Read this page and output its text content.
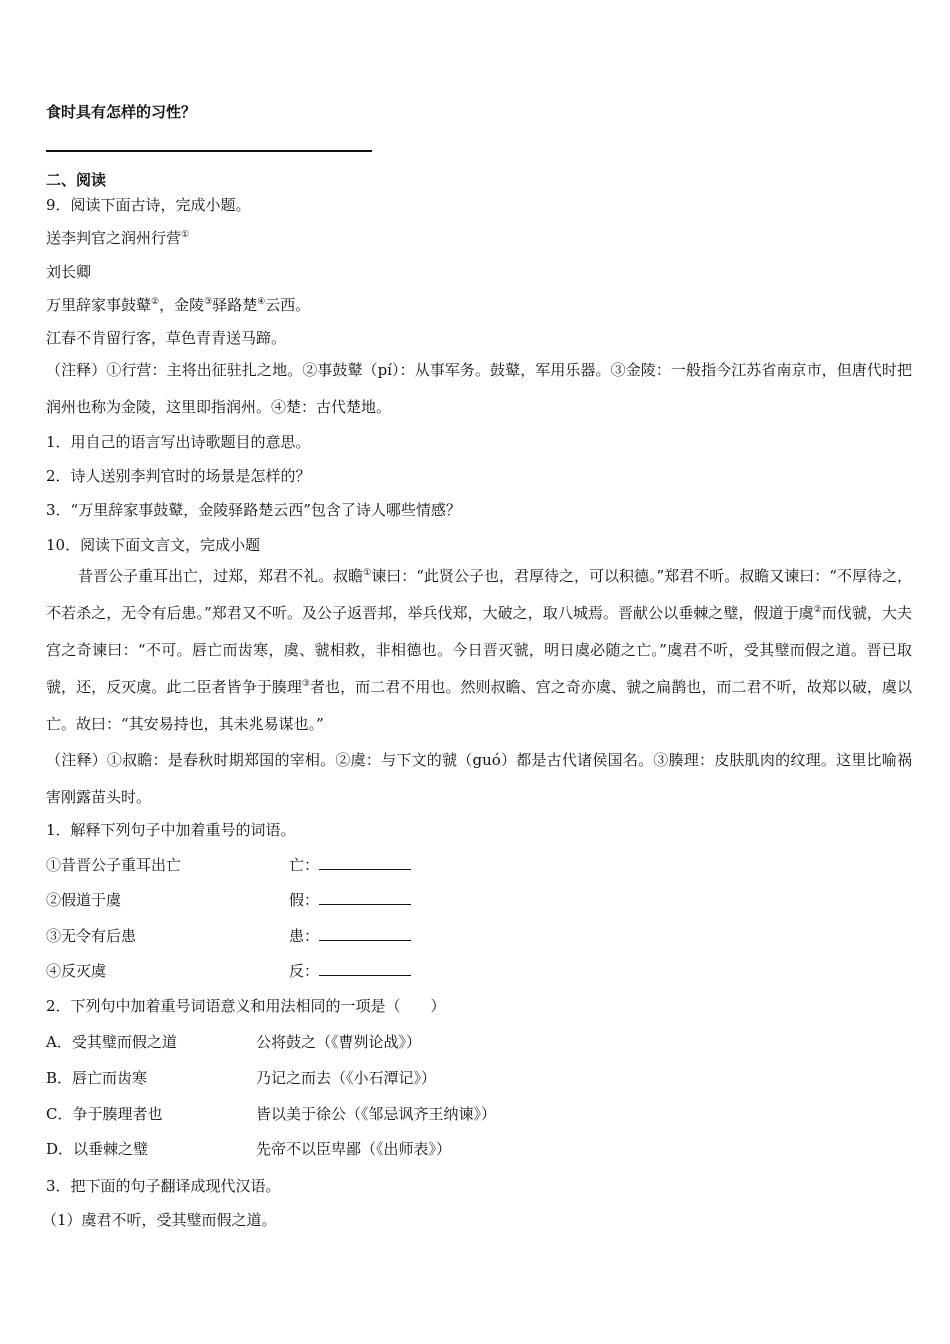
食时具有怎样的习性？
二、阅读
9．阅读下面古诗，完成小题。
送李判官之润州行营①
刘长卿
万里辞家事鼓鼙②，金陵③驿路楚④云西。
江春不肯留行客，草色青青送马蹄。
（注释）①行营：主将出征驻扎之地。②事鼓鼙（pí）：从事军务。鼓鼙，军用乐器。③金陵：一般指今江苏省南京市，但唐代时把润州也称为金陵，这里即指润州。④楚：古代楚地。
1．用自己的语言写出诗歌题目的意思。
2．诗人送别李判官时的场景是怎样的？
3．“万里辞家事鼓鼙，金陵驿路楚云西”包含了诗人哪些情感？
10．阅读下面文言文，完成小题
昔晋公子重耳出亡，过郑，郑君不礼。叔瞻①谏曰：“此贤公子也，君厚待之，可以积德。”郑君不听。叔瞻又谏曰：“不厚待之，不若杀之，无令有后患。”郑君又不听。及公子返晋邦，举兵伐郑，大破之，取八城焉。晋献公以垂棘之璧，假道于虞②而伐虢，大夫宫之奇谏曰：“不可。唇亡而齿寒，虞、虢相救，非相德也。今日晋灭虢，明日虞必随之亡。”虞君不听，受其璧而假之道。晋已取虢，还，反灭虞。此二臣者皆争于腠理③者也，而二君不用也。然则叔瞻、宫之奇亦虞、虢之扁鹊也，而二君不听，故郑以破，虞以亡。故曰：“其安易持也，其未兆易谋也。”
（注释）①叔瞻：是春秋时期郑国的宰相。②虞：与下文的虢（guó）都是古代诸侯国名。③腠理：皮肤肌肉的纹理。这里比喻祸害刚露苗头时。
1．解释下列句子中加着重号的词语。
①昔晋公子重耳出亡	亡：
②假道于虞	假：
③无令有后患	患：
④反灭虞	反：
2．下列句中加着重号词语意义和用法相同的一项是（　　）
A．受其璧而假之道	公将鼓之（《曹刿论战》）
B．唇亡而齿寒	乃记之而去（《小石潭记》）
C．争于腠理者也	皆以美于徐公（《邹忌讽齐王纳谏》）
D．以垂棘之璧	先帝不以臣卑鄙（《出师表》）
3．把下面的句子翻译成现代汉语。
（1）虞君不听，受其璧而假之道。
